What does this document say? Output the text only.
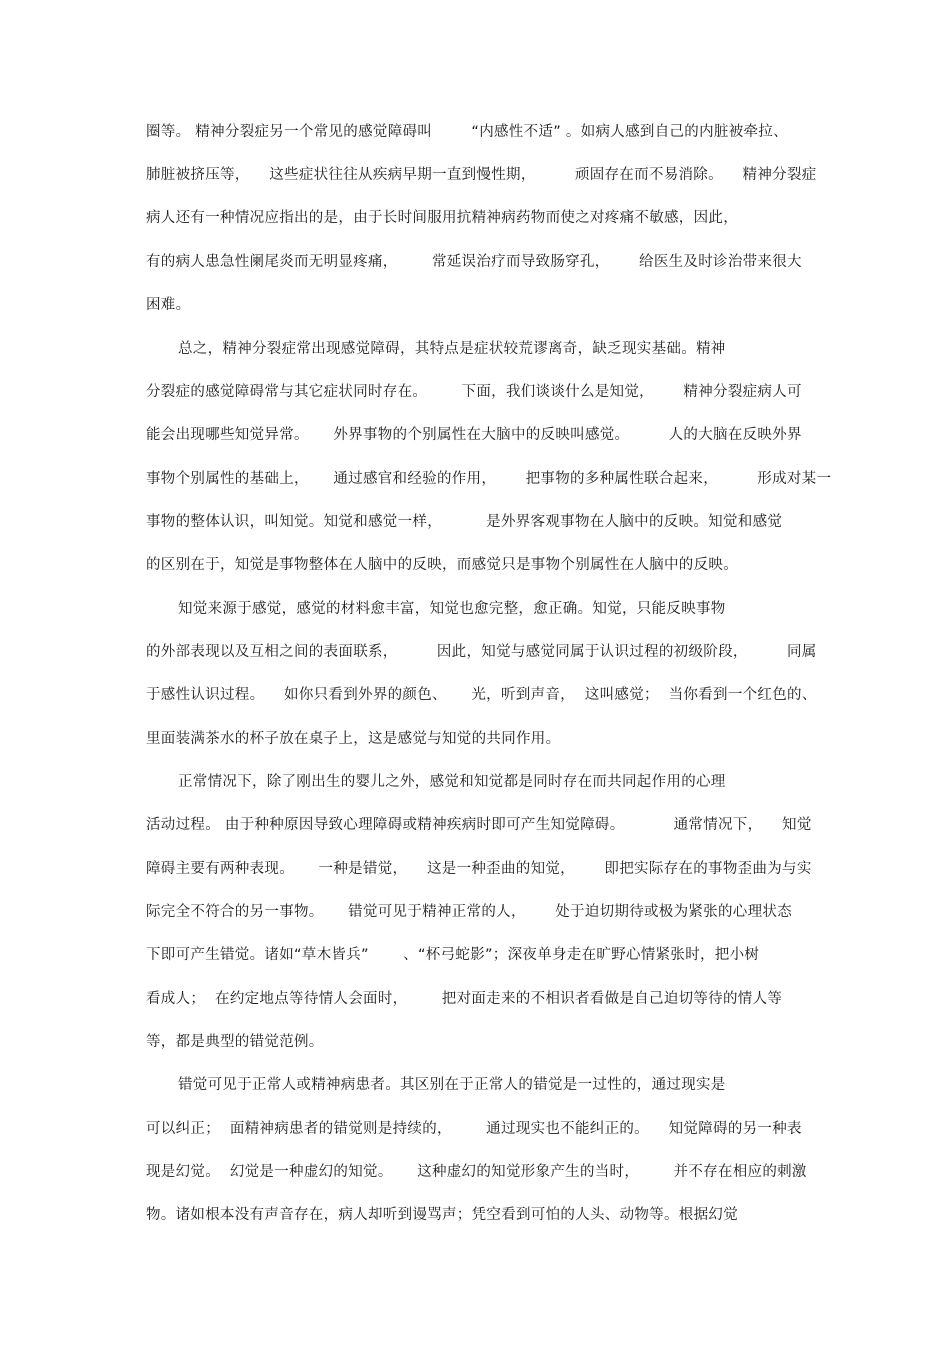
圈等。 精神分裂症另一个常见的感觉障碍叫        “内感性不适” 。如病人感到自己的内脏被牵拉、
肺脏被挤压等，    这些症状往往从疾病早期一直到慢性期，        顽固存在而不易消除。    精神分裂症
病人还有一种情况应指出的是，由于长时间服用抗精神病药物而使之对疼痛不敏感，因此，
有的病人患急性阑尾炎而无明显疼痛，       常延误治疗而导致肠穿孔，      给医生及时诊治带来很大
困难。
总之，精神分裂症常出现感觉障碍，其特点是症状较荒谬离奇，缺乏现实基础。精神
分裂症的感觉障碍常与其它症状同时存在。       下面，我们谈谈什么是知觉，      精神分裂症病人可
能会出现哪些知觉异常。     外界事物的个别属性在大脑中的反映叫感觉。        人的大脑在反映外界
事物个别属性的基础上，     通过感官和经验的作用，      把事物的多种属性联合起来，        形成对某一
事物的整体认识，叫知觉。知觉和感觉一样，         是外界客观事物在人脑中的反映。知觉和感觉
的区别在于，知觉是事物整体在人脑中的反映，而感觉只是事物个别属性在人脑中的反映。
知觉来源于感觉，感觉的材料愈丰富，知觉也愈完整，愈正确。知觉，只能反映事物
的外部表现以及互相之间的表面联系，        因此，知觉与感觉同属于认识过程的初级阶段，        同属
于感性认识过程。    如你只看到外界的颜色、     光，听到声音，  这叫感觉；  当你看到一个红色的、
里面装满茶水的杯子放在桌子上，这是感觉与知觉的共同作用。
正常情况下，除了刚出生的婴儿之外，感觉和知觉都是同时存在而共同起作用的心理
活动过程。 由于种种原因导致心理障碍或精神疾病时即可产生知觉障碍。          通常情况下，    知觉
障碍主要有两种表现。     一种是错觉，    这是一种歪曲的知觉，      即把实际存在的事物歪曲为与实
际完全不符合的另一事物。     错觉可见于精神正常的人，      处于迫切期待或极为紧张的心理状态
下即可产生错觉。诸如“草木皆兵”       、“杯弓蛇影”；深夜单身走在旷野心情紧张时，把小树
看成人；  在约定地点等待情人会面时，       把对面走来的不相识者看做是自己迫切等待的情人等
等，都是典型的错觉范例。
错觉可见于正常人或精神病患者。其区别在于正常人的错觉是一过性的，通过现实是
可以纠正；  面精神病患者的错觉则是持续的，       通过现实也不能纠正的。    知觉障碍的另一种表
现是幻觉。  幻觉是一种虚幻的知觉。     这种虚幻的知觉形象产生的当时，       并不存在相应的刺激
物。诸如根本没有声音存在，病人却听到谩骂声；凭空看到可怕的人头、动物等。根据幻觉
